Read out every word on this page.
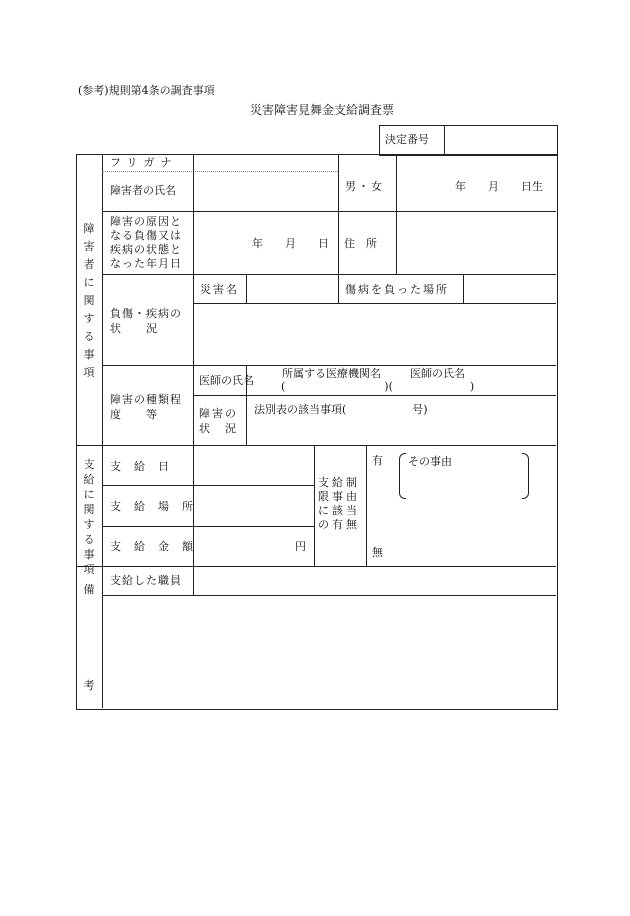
(参考)規則第4条の調査事項
災害障害見舞金支給調査票
決定番号
障
害
者
に
関
す
る
事
項
支
給
に
関
す
る
事
項
備
考
フリガナ
障害者の氏名	男・女	年　　月　　日生
障害の原因となる負傷又は疾病の状態となった年月日
年　　月　　日 住　所
災害名	傷病を負った場所
負傷・疾病の状　　況
障害の種類程度　　等
医師の氏名
所属する医療機関名	医師の氏名
(　　　　　　　　　)(　　　　　　　)
障害の状　況
法別表の該当事項(　　　　　　号)
支　給　日
支　給　場　所
支　給　金　額	円
支給制限事由に該当の有無
有
無
その事由
支給した職員
